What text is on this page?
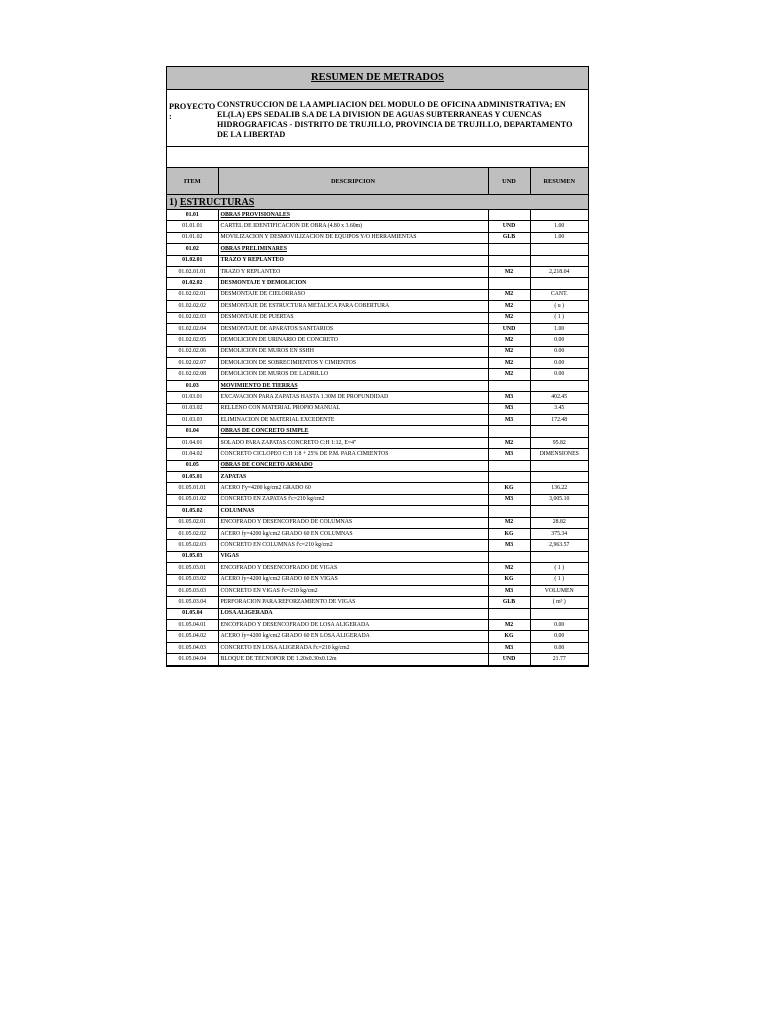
RESUMEN DE METRADOS
PROYECTO :
CONSTRUCCION DE LA AMPLIACION DEL MODULO DE OFICINA ADMINISTRATIVA; EN EL(LA) EPS SEDALIB S.A DE LA DIVISION DE AGUAS SUBTERRANEAS Y CUENCAS HIDROGRAFICAS - DISTRITO DE TRUJILLO, PROVINCIA DE TRUJILLO, DEPARTAMENTO DE LA LIBERTAD
ITEM	DESCRIPCION	UND	RESUMEN
1) ESTRUCTURAS			
01.01	OBRAS PROVISIONALES		
01.01.01	CARTEL DE IDENTIFICACION DE OBRA (4.80 x 3.60m)	UND	1.00
01.01.02	MOVILIZACION Y DESMOVILIZACION DE EQUIPOS Y/O HERRAMIENTAS	GLB	1.00
01.02	OBRAS PRELIMINARES		
01.02.01	TRAZO Y REPLANTEO		
01.02.01.01	TRAZO Y REPLANTEO	M2	2,218.04
01.02.02	DESMONTAJE Y DEMOLICION		
01.02.02.01	DESMONTAJE DE CIELORRASO	M2	CANT.
01.02.02.02	DESMONTAJE DE ESTRUCTURA METALICA PARA COBERTURA	M2	( u )
01.02.02.03	DESMONTAJE DE PUERTAS	M2	( 1 )
01.02.02.04	DESMONTAJE DE APARATOS SANITARIOS	UND	1.00
01.02.02.05	DEMOLICION DE URINARIO DE CONCRETO	M2	0.00
01.02.02.06	DEMOLICION DE MUROS EN SSHH	M2	0.00
01.02.02.07	DEMOLICION DE SOBRECIMIENTOS Y CIMIENTOS	M2	0.00
01.02.02.08	DEMOLICION DE MUROS DE LADRILLO	M2	0.00
01.03	MOVIMIENTO DE TIERRAS		
01.03.01	EXCAVACION PARA ZAPATAS HASTA 1.30M DE PROFUNDIDAD	M3	402.45
01.03.02	RELLENO CON MATERIAL PROPIO MANUAL	M3	3.45
01.03.03	ELIMINACION DE MATERIAL EXCEDENTE	M3	172.48
01.04	OBRAS DE CONCRETO SIMPLE		
01.04.01	SOLADO PARA ZAPATAS CONCRETO C:H 1:12, E=4"	M2	95.82
01.04.02	CONCRETO CICLOPEO C:H 1:8 + 25% DE P.M. PARA CIMIENTOS	M3	DIMENSIONES
01.05	OBRAS DE CONCRETO ARMADO		
01.05.01	ZAPATAS		
01.05.01.01	ACERO Fy=4200 kg/cm2 GRADO 60	KG	136.22
01.05.01.02	CONCRETO EN ZAPATAS f'c=210 kg/cm2	M3	3,005.10
01.05.02	COLUMNAS		
01.05.02.01	ENCOFRADO Y DESENCOFRADO DE COLUMNAS	M2	28.82
01.05.02.02	ACERO fy=4200 kg/cm2 GRADO 60 EN COLUMNAS	KG	375.34
01.05.02.03	CONCRETO EN COLUMNAS f'c=210 kg/cm2	M3	2,963.57
01.05.03	VIGAS		
01.05.03.01	ENCOFRADO Y DESENCOFRADO DE VIGAS	M2	( 1 )
01.05.03.02	ACERO fy=4200 kg/cm2 GRADO 60 EN VIGAS	KG	( 1 )
01.05.03.03	CONCRETO EN VIGAS f'c=210 kg/cm2	M3	VOLUMEN
01.05.03.04	PERFORACION PARA REFORZAMIENTO DE VIGAS	GLB	( m³ )
01.05.04	LOSA ALIGERADA		
01.05.04.01	ENCOFRADO Y DESENCOFRADO DE LOSA ALIGERADA	M2	0.00
01.05.04.02	ACERO fy=4200 kg/cm2 GRADO 60 EN LOSA ALIGERADA	KG	0.00
01.05.04.03	CONCRETO EN LOSA ALIGERADA f'c=210 kg/cm2	M3	0.00
01.05.04.04	BLOQUE DE TECNOPOR DE 1.20x0.30x0.12m	UND	21.77
